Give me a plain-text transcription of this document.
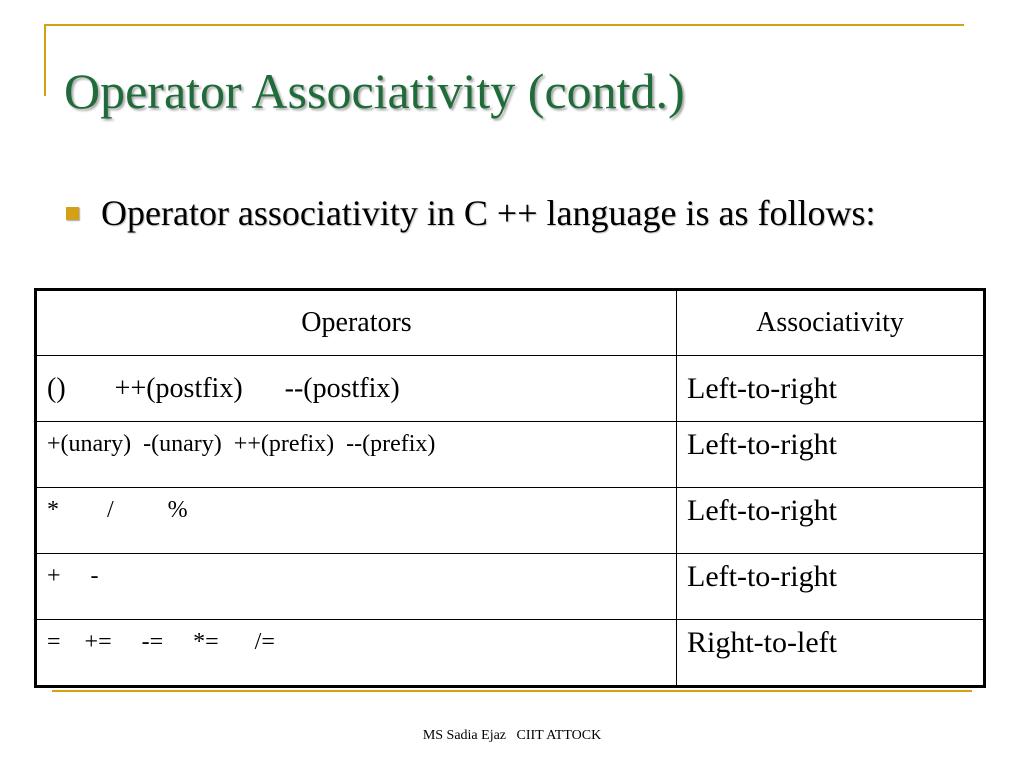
Operator Associativity (contd.)

Operator associativity in C ++ language is as follows:

Operators	Associativity

()       ++(postfix)      --(postfix)	Left-to-right

+(unary)  -(unary)  ++(prefix)  --(prefix)	Left-to-right

*        /         %	Left-to-right

+     -	Left-to-right

=    +=     -=     *=      /=	Right-to-left
MS Sadia Ejaz   CIIT ATTOCK
